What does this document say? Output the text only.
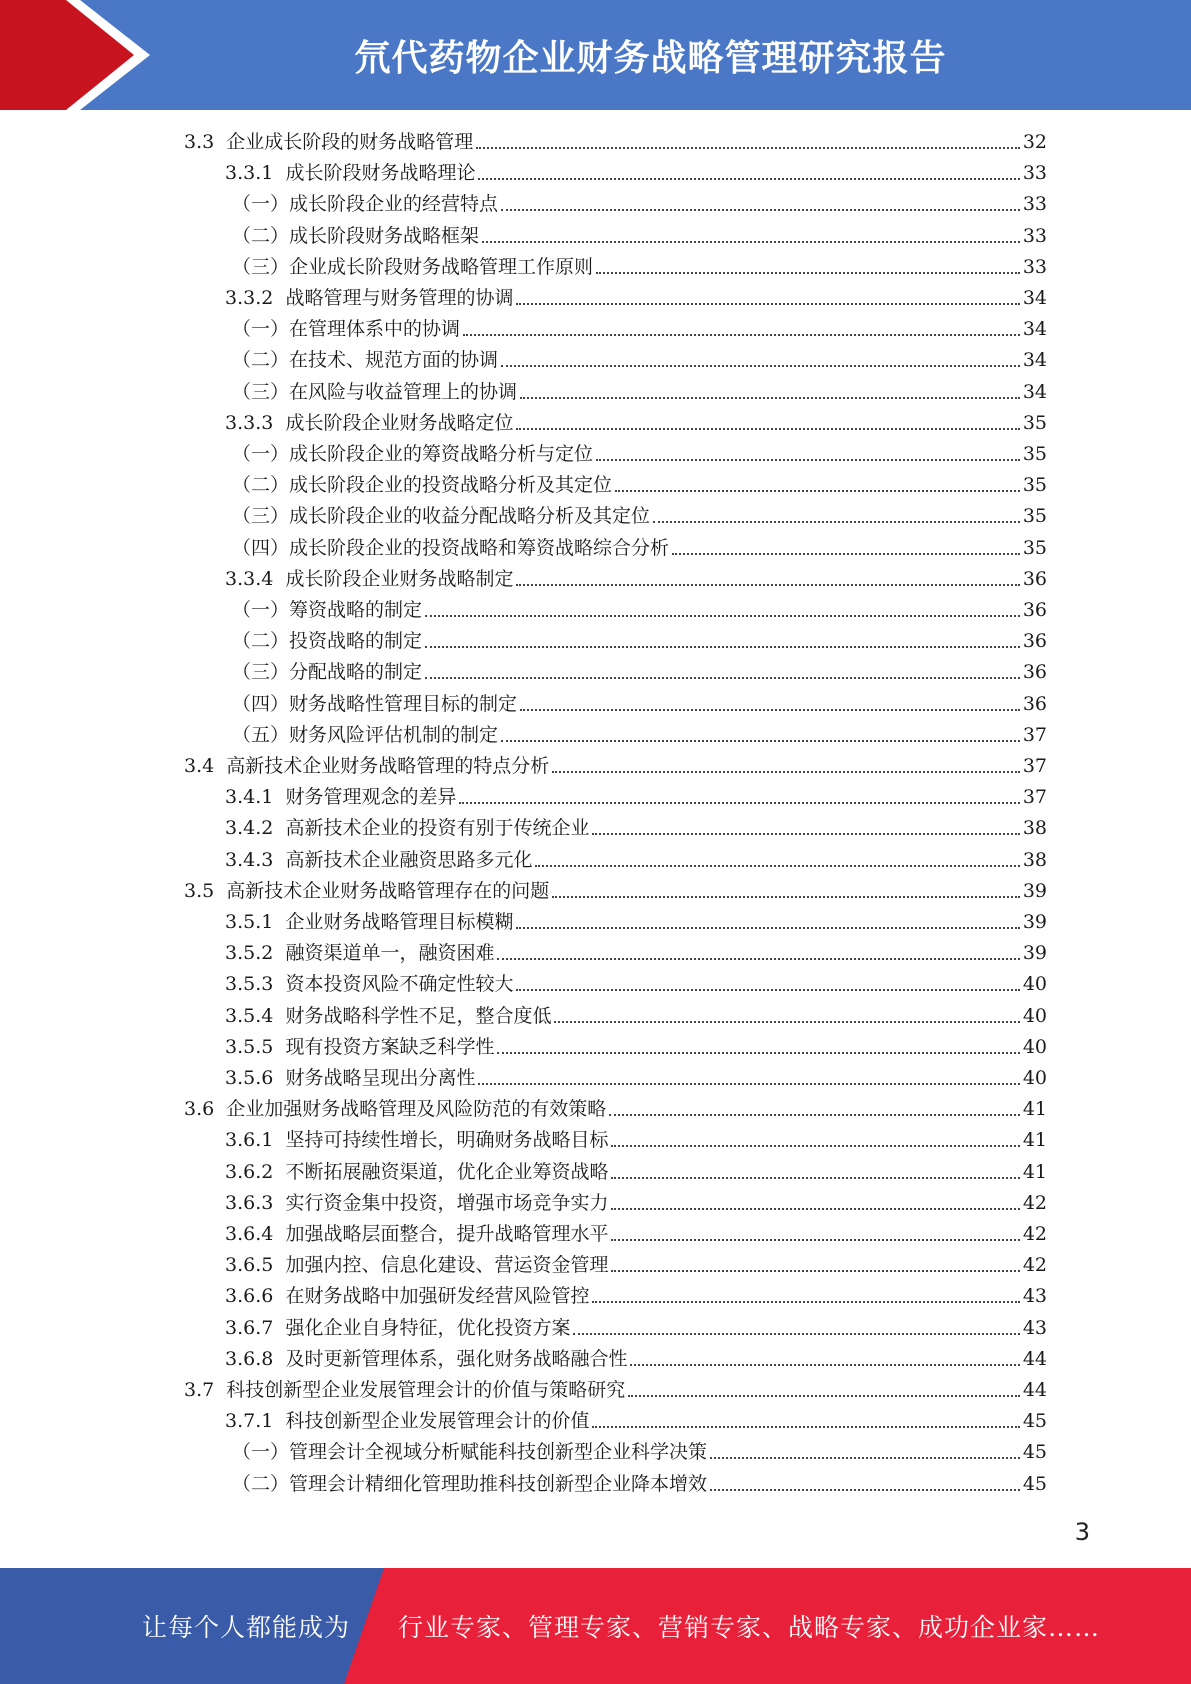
氘代药物企业财务战略管理研究报告
3.3 企业成长阶段的财务战略管理	32
3.3.1 成长阶段财务战略理论	33
（一）成长阶段企业的经营特点	33
（二）成长阶段财务战略框架	33
（三）企业成长阶段财务战略管理工作原则	33
3.3.2 战略管理与财务管理的协调	34
（一）在管理体系中的协调	34
（二）在技术、规范方面的协调	34
（三）在风险与收益管理上的协调	34
3.3.3 成长阶段企业财务战略定位	35
（一）成长阶段企业的筹资战略分析与定位	35
（二）成长阶段企业的投资战略分析及其定位	35
（三）成长阶段企业的收益分配战略分析及其定位	35
（四）成长阶段企业的投资战略和筹资战略综合分析	35
3.3.4 成长阶段企业财务战略制定	36
（一）筹资战略的制定	36
（二）投资战略的制定	36
（三）分配战略的制定	36
（四）财务战略性管理目标的制定	36
（五）财务风险评估机制的制定	37
3.4 高新技术企业财务战略管理的特点分析	37
3.4.1 财务管理观念的差异	37
3.4.2 高新技术企业的投资有别于传统企业	38
3.4.3 高新技术企业融资思路多元化	38
3.5 高新技术企业财务战略管理存在的问题	39
3.5.1 企业财务战略管理目标模糊	39
3.5.2 融资渠道单一，融资困难	39
3.5.3 资本投资风险不确定性较大	40
3.5.4 财务战略科学性不足，整合度低	40
3.5.5 现有投资方案缺乏科学性	40
3.5.6 财务战略呈现出分离性	40
3.6 企业加强财务战略管理及风险防范的有效策略	41
3.6.1 坚持可持续性增长，明确财务战略目标	41
3.6.2 不断拓展融资渠道，优化企业筹资战略	41
3.6.3 实行资金集中投资，增强市场竞争实力	42
3.6.4 加强战略层面整合，提升战略管理水平	42
3.6.5 加强内控、信息化建设、营运资金管理	42
3.6.6 在财务战略中加强研发经营风险管控	43
3.6.7 强化企业自身特征，优化投资方案	43
3.6.8 及时更新管理体系，强化财务战略融合性	44
3.7 科技创新型企业发展管理会计的价值与策略研究	44
3.7.1 科技创新型企业发展管理会计的价值	45
（一）管理会计全视域分析赋能科技创新型企业科学决策	45
（二）管理会计精细化管理助推科技创新型企业降本增效	45
3
让每个人都能成为 行业专家、管理专家、营销专家、战略专家、成功企业家……
